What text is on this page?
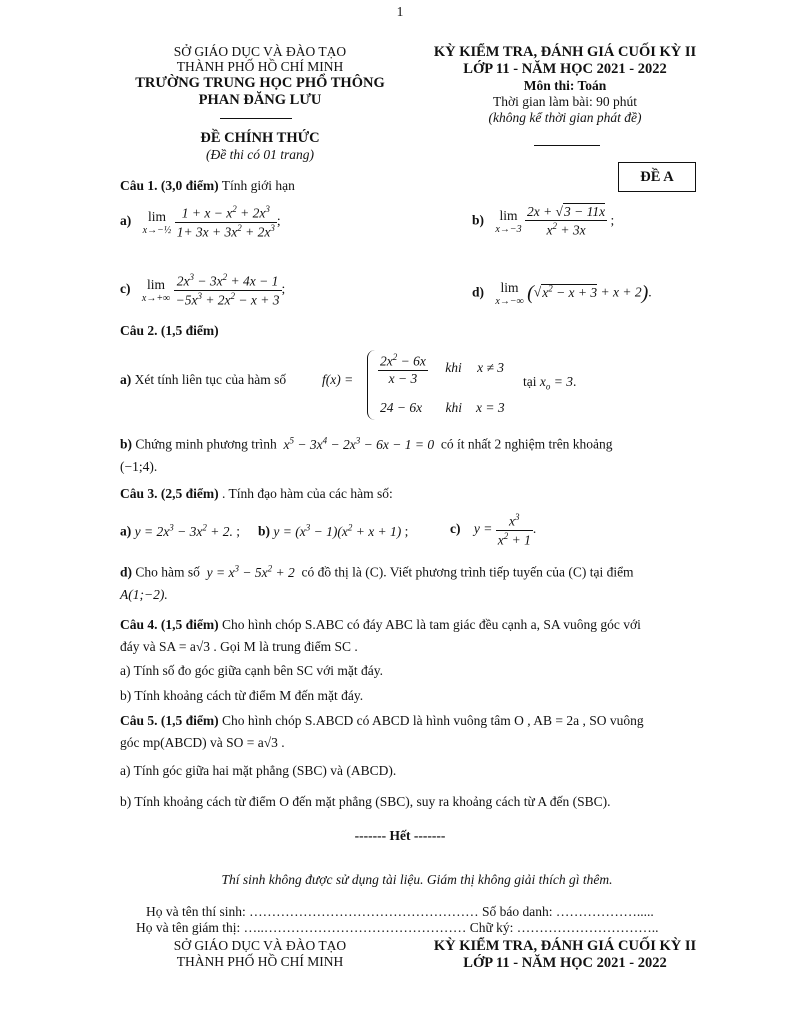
1
SỞ GIÁO DỤC VÀ ĐÀO TẠO
THÀNH PHỐ HỒ CHÍ MINH
TRƯỜNG TRUNG HỌC PHỔ THÔNG
PHAN ĐĂNG LƯU
ĐỀ CHÍNH THỨC
(Đề thi có 01 trang)
KỲ KIỂM TRA, ĐÁNH GIÁ CUỐI KỲ II
LỚP 11 - NĂM HỌC 2021 - 2022
Môn thi: Toán
Thời gian làm bài: 90 phút
(không kể thời gian phát đề)
ĐỀ A
Câu 1. (3,0 điểm) Tính giới hạn
a) lim
x→−½
$\frac{1 + x - x^2 + 2x^3}{1+ 3x + 3x^2 + 2x^3}$ ;	b) lim
x→−3
$\frac{2x + √3 - 11x}{x^2 + 3x}$ ;
c) lim
x→+∞
$\frac{2x^3 - 3x^2 + 4x - 1}{-5x^3 + 2x^2 - x + 3}$ ;	d) lim
x→−∞ $(√x^2 - x + 3 + x + 2)$.
Câu 2. (1,5 điểm)
a) Xét tính liên tục của hàm số	$f(x) = \frac{2x^2 - 6x}{x - 3}$ khi x ≠ 3
24 − 6x khi x = 3
tại $x_o = 3$.
b) Chứng minh phương trình  $x^5 - 3x^4 - 2x^3 - 6x - 1 = 0$  có ít nhất 2 nghiệm trên khoảng
(−1;4).
Câu 3. (2,5 điểm) . Tính đạo hàm của các hàm số:
a) $y = 2x^3 - 3x^2 + 2$. ; b) $y = (x^3 - 1)(x^2 + x + 1)$ ;	c) $y = \frac{x^3}{x^2 + 1}$ .
d) Cho hàm số  $y = x^3 - 5x^2 + 2$  có đồ thị là (C). Viết phương trình tiếp tuyến của (C) tại điểm
A(1;−2).
Câu 4. (1,5 điểm) Cho hình chóp S.ABC có đáy ABC là tam giác đều cạnh a, SA vuông góc với
đáy và SA = a√3 . Gọi M là trung điểm SC .
a) Tính số đo góc giữa cạnh bên SC với mặt đáy.
b) Tính khoảng cách từ điểm M đến mặt đáy.
Câu 5. (1,5 điểm) Cho hình chóp S.ABCD có ABCD là hình vuông tâm O , AB = 2a , SO vuông
góc mp(ABCD) và SO = a√3 .
a) Tính góc giữa hai mặt phẳng (SBC) và (ABCD).
b) Tính khoảng cách từ điểm O đến mặt phẳng (SBC), suy ra khoảng cách từ A đến (SBC).
------- Hết -------
Thí sinh không được sử dụng tài liệu. Giám thị không giải thích gì thêm.
Họ và tên thí sinh: …………………………………………… Số báo danh: ……………….....
Họ và tên giám thị: …..……………………………………… Chữ ký: …………………………..
SỞ GIÁO DỤC VÀ ĐÀO TẠO
THÀNH PHỐ HỒ CHÍ MINH
KỲ KIỂM TRA, ĐÁNH GIÁ CUỐI KỲ II
LỚP 11 - NĂM HỌC 2021 - 2022
